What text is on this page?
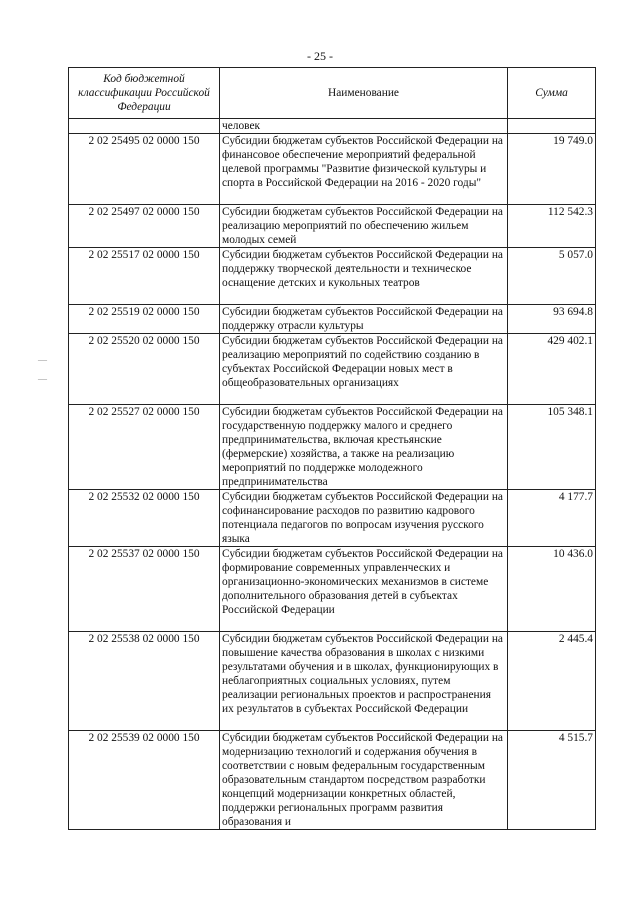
- 25 -
Код бюджетной классификации Российской Федерации	Наименование	Сумма
	человек	
2 02 25495 02 0000 150	Субсидии бюджетам субъектов Российской Федерации на финансовое обеспечение мероприятий федеральной целевой программы "Развитие физической культуры и спорта в Российской Федерации на 2016 - 2020 годы"	19 749.0
2 02 25497 02 0000 150	Субсидии бюджетам субъектов Российской Федерации на реализацию мероприятий по обеспечению жильем молодых семей	112 542.3
2 02 25517 02 0000 150	Субсидии бюджетам субъектов Российской Федерации на поддержку творческой деятельности и техническое оснащение детских и кукольных театров	5 057.0
2 02 25519 02 0000 150	Субсидии бюджетам субъектов Российской Федерации на поддержку отрасли культуры	93 694.8
2 02 25520 02 0000 150	Субсидии бюджетам субъектов Российской Федерации на реализацию мероприятий по содействию созданию в субъектах Российской Федерации новых мест в общеобразовательных организациях	429 402.1
2 02 25527 02 0000 150	Субсидии бюджетам субъектов Российской Федерации на государственную поддержку малого и среднего предпринимательства, включая крестьянские (фермерские) хозяйства, а также на реализацию мероприятий по поддержке молодежного предпринимательства	105 348.1
2 02 25532 02 0000 150	Субсидии бюджетам субъектов Российской Федерации на софинансирование расходов по развитию кадрового потенциала педагогов по вопросам изучения русского языка	4 177.7
2 02 25537 02 0000 150	Субсидии бюджетам субъектов Российской Федерации на формирование современных управленческих и организационно-экономических механизмов в системе дополнительного образования детей в субъектах Российской Федерации	10 436.0
2 02 25538 02 0000 150	Субсидии бюджетам субъектов Российской Федерации на повышение качества образования в школах с низкими результатами обучения и в школах, функционирующих в неблагоприятных социальных условиях, путем реализации региональных проектов и распространения их результатов в субъектах Российской Федерации	2 445.4
2 02 25539 02 0000 150	Субсидии бюджетам субъектов Российской Федерации на модернизацию технологий и содержания обучения в соответствии с новым федеральным государственным образовательным стандартом посредством разработки концепций модернизации конкретных областей, поддержки региональных программ развития образования и	4 515.7
—
—
